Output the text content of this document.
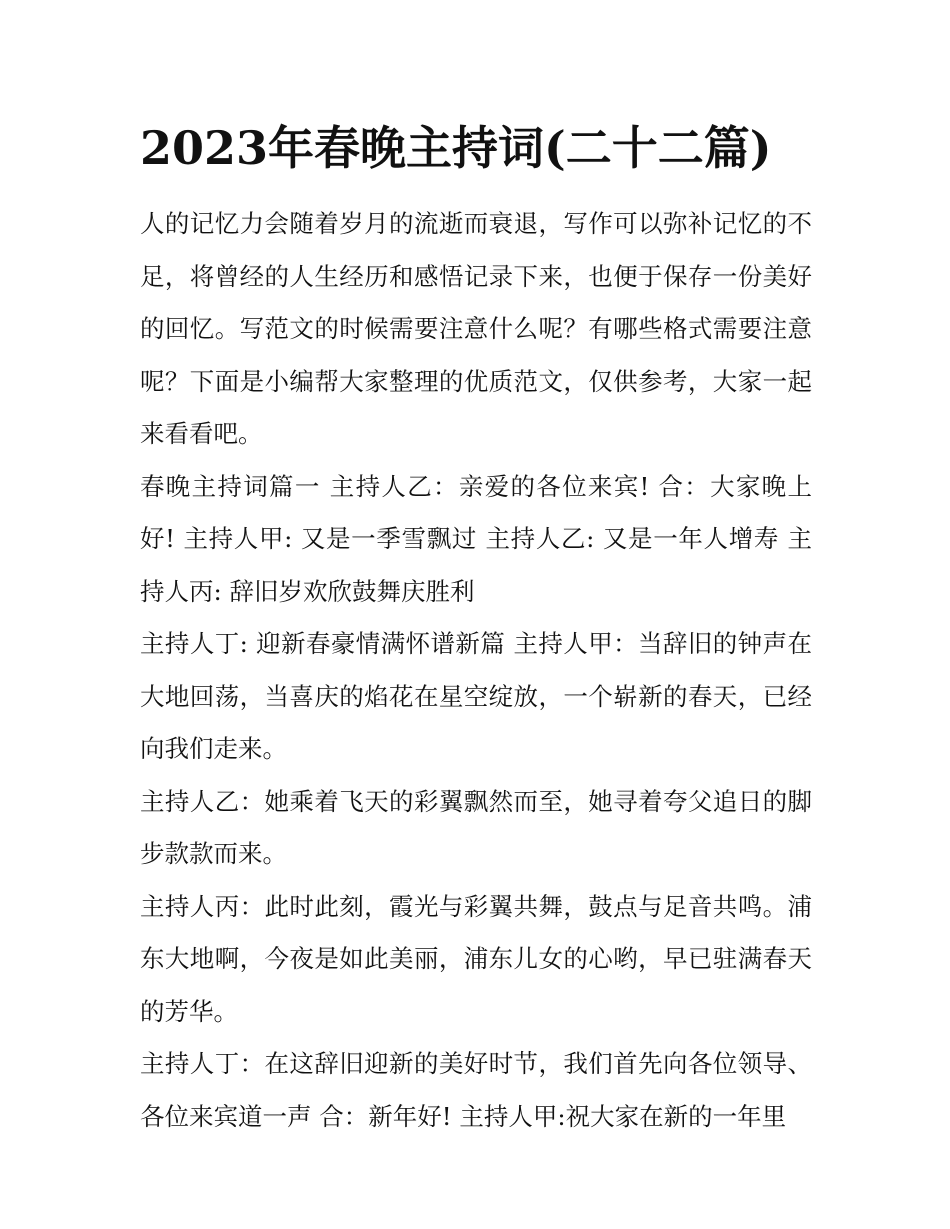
2023年春晚主持词(二十二篇)

人的记忆力会随着岁月的流逝而衰退，写作可以弥补记忆的不足，将曾经的人生经历和感悟记录下来，也便于保存一份美好的回忆。写范文的时候需要注意什么呢？有哪些格式需要注意呢？下面是小编帮大家整理的优质范文，仅供参考，大家一起来看看吧。

春晚主持词篇一 主持人乙：亲爱的各位来宾! 合：大家晚上好! 主持人甲: 又是一季雪飘过 主持人乙: 又是一年人增寿 主持人丙: 辞旧岁欢欣鼓舞庆胜利

主持人丁: 迎新春豪情满怀谱新篇 主持人甲：当辞旧的钟声在大地回荡，当喜庆的焰花在星空绽放，一个崭新的春天，已经向我们走来。

主持人乙：她乘着飞天的彩翼飘然而至，她寻着夸父追日的脚步款款而来。

主持人丙：此时此刻，霞光与彩翼共舞，鼓点与足音共鸣。浦东大地啊，今夜是如此美丽，浦东儿女的心哟，早已驻满春天的芳华。

主持人丁：在这辞旧迎新的美好时节，我们首先向各位领导、各位来宾道一声 合：新年好! 主持人甲:祝大家在新的一年里
